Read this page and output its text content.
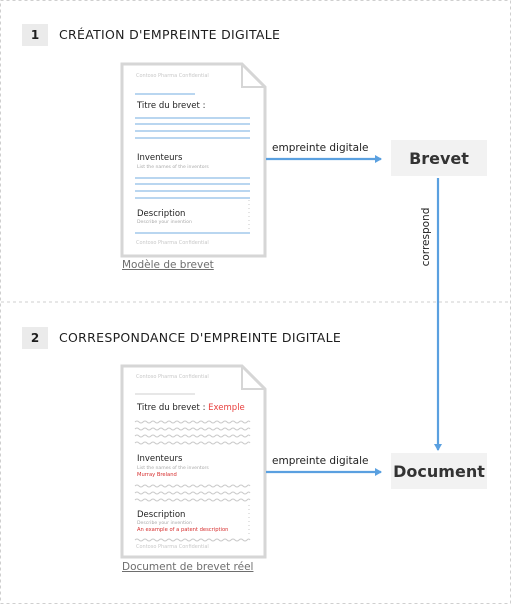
1	CRÉATION D'EMPREINTE DIGITALE
2	CORRESPONDANCE D'EMPREINTE DIGITALE
Contoso Pharma Confidential
Titre du brevet :
Inventeurs
List the names of the inventors
Description
Describe your invention
Contoso Pharma Confidential
Modèle de brevet
Contoso Pharma Confidential
Titre du brevet : Exemple
Inventeurs
List the names of the inventors
Murray Breland
Description
Describe your invention
An example of a patent description
Contoso Pharma Confidential
Document de brevet réel
Brevet
Document
empreinte digitale
empreinte digitale
correspond
